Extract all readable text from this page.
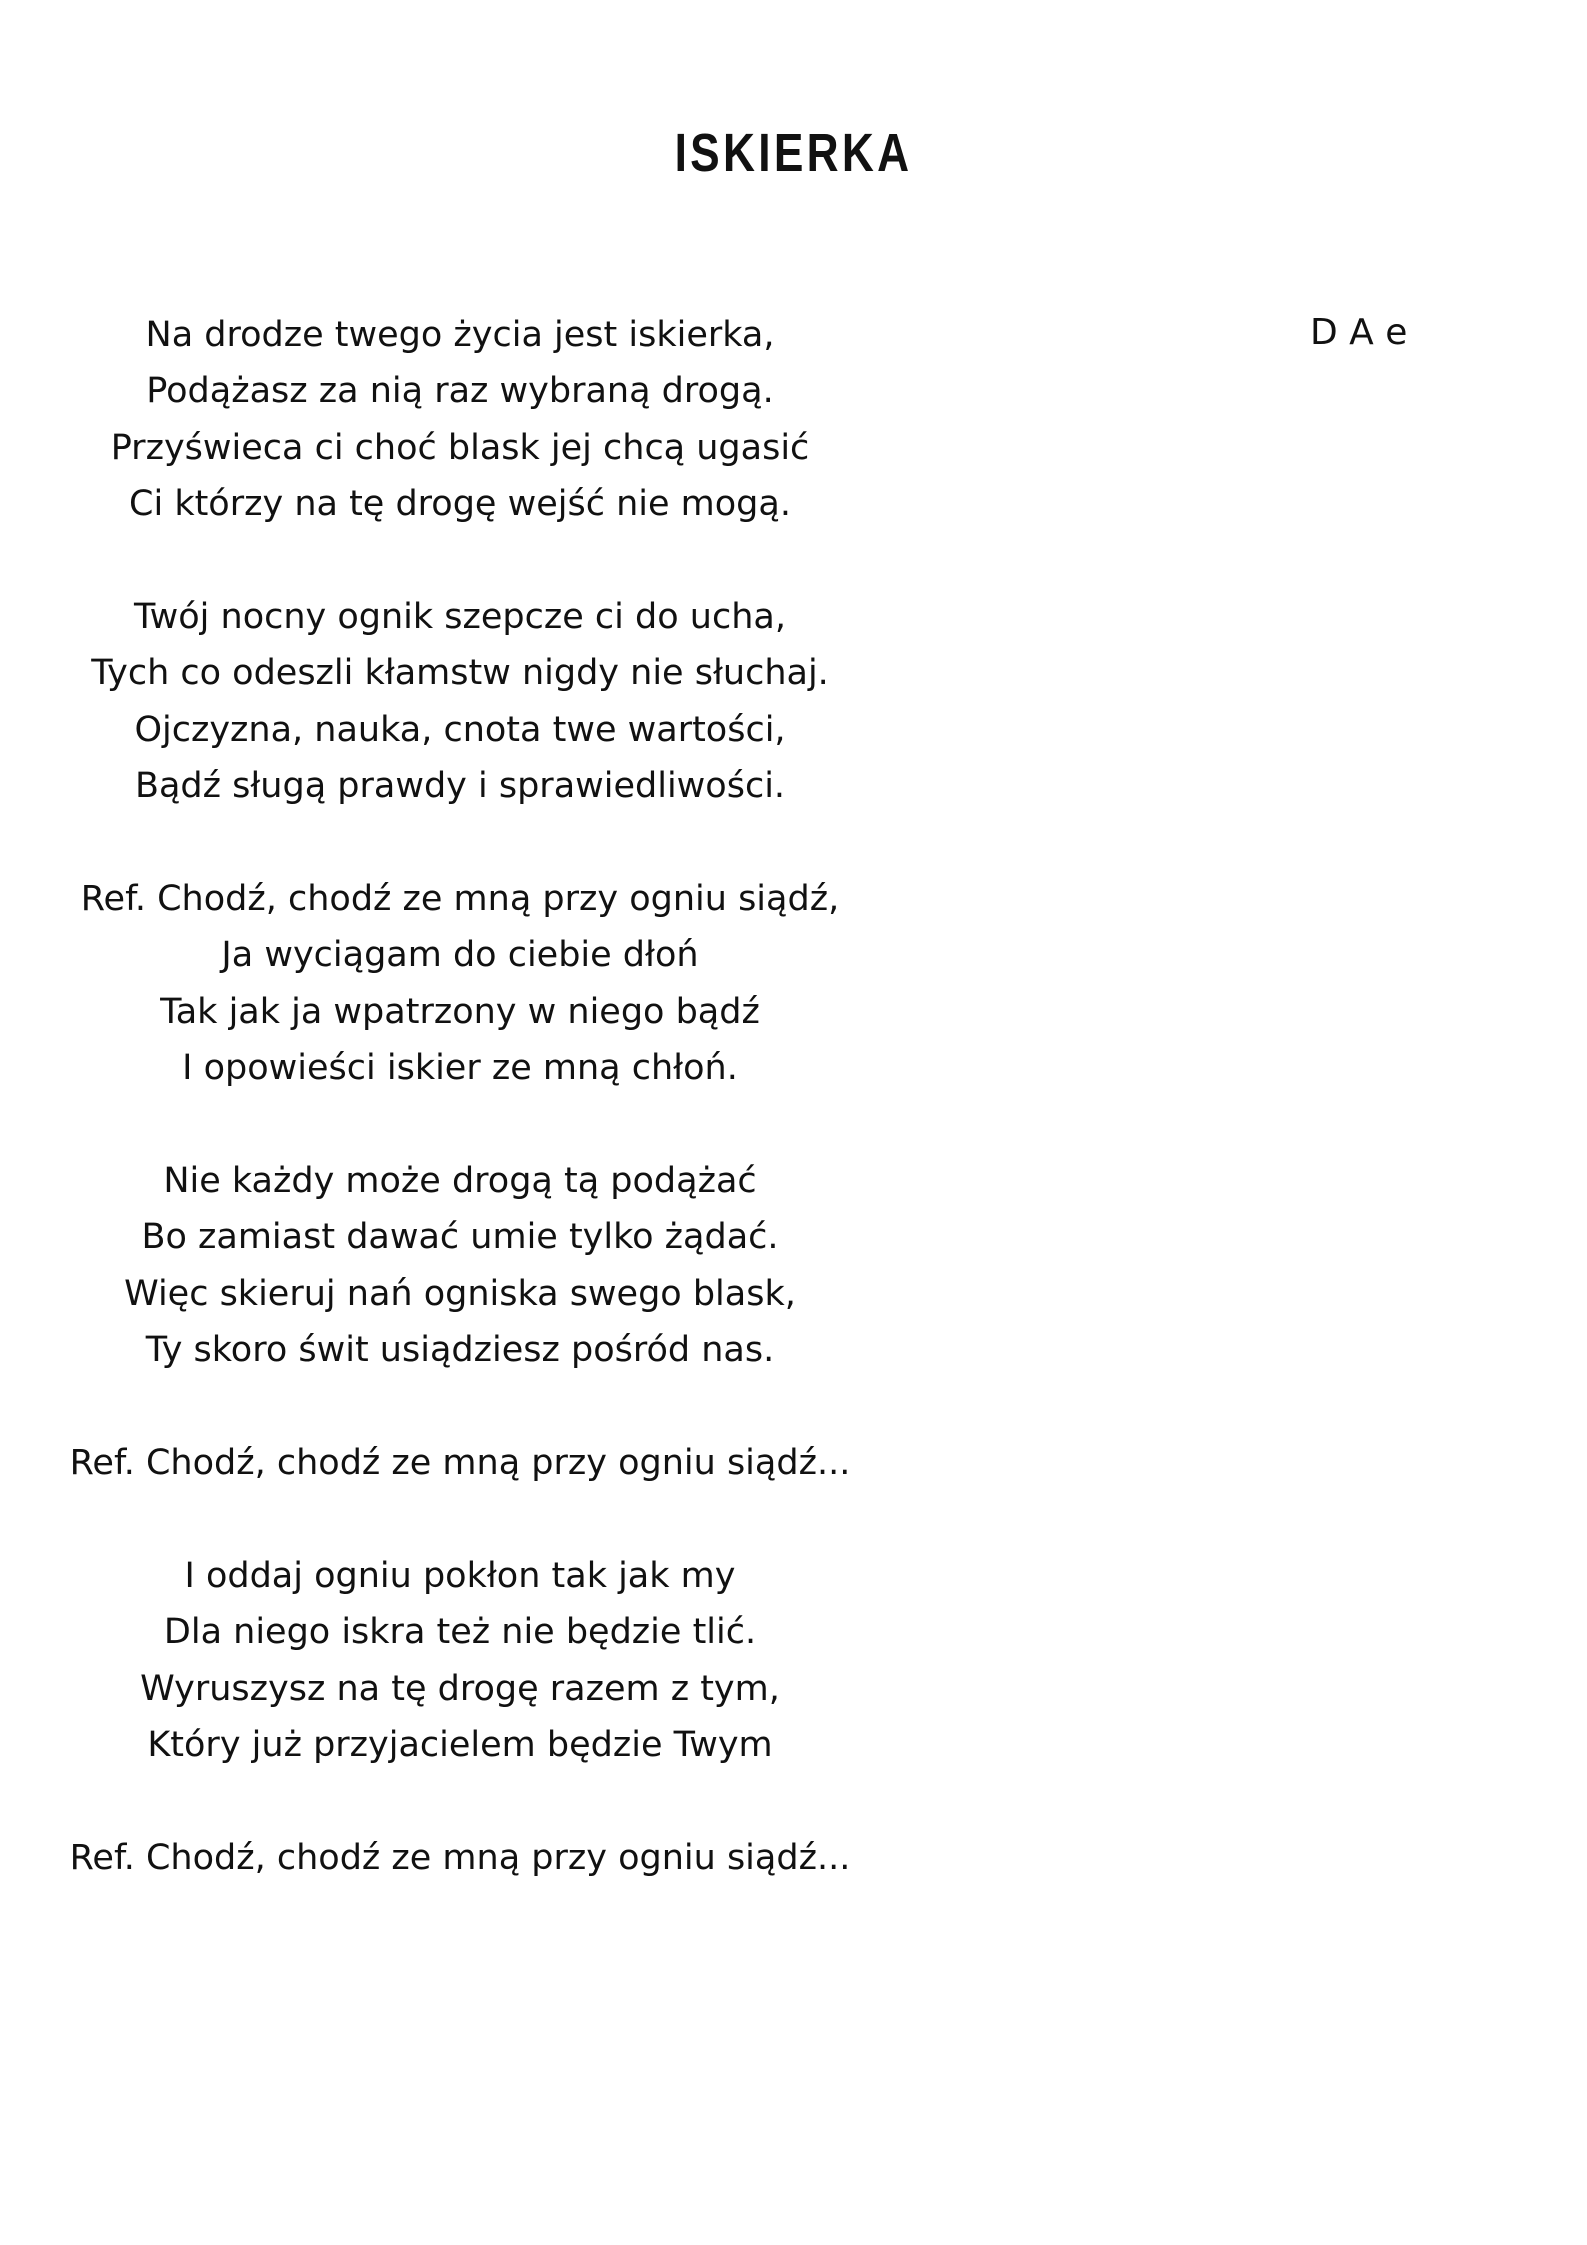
ISKIERKA
D A e
Na drodze twego życia jest iskierka,
Podążasz za nią raz wybraną drogą.
Przyświeca ci choć blask jej chcą ugasić
Ci którzy na tę drogę wejść nie mogą.
Twój nocny ognik szepcze ci do ucha,
Tych co odeszli kłamstw nigdy nie słuchaj.
Ojczyzna, nauka, cnota twe wartości,
Bądź sługą prawdy i sprawiedliwości.
Ref. Chodź, chodź ze mną przy ogniu siądź,
Ja wyciągam do ciebie dłoń
Tak jak ja wpatrzony w niego bądź
I opowieści iskier ze mną chłoń.
Nie każdy może drogą tą podążać
Bo zamiast dawać umie tylko żądać.
Więc skieruj nań ogniska swego blask,
Ty skoro świt usiądziesz pośród nas.
Ref. Chodź, chodź ze mną przy ogniu siądź...
I oddaj ogniu pokłon tak jak my
Dla niego iskra też nie będzie tlić.
Wyruszysz na tę drogę razem z tym,
Który już przyjacielem będzie Twym
Ref. Chodź, chodź ze mną przy ogniu siądź...
